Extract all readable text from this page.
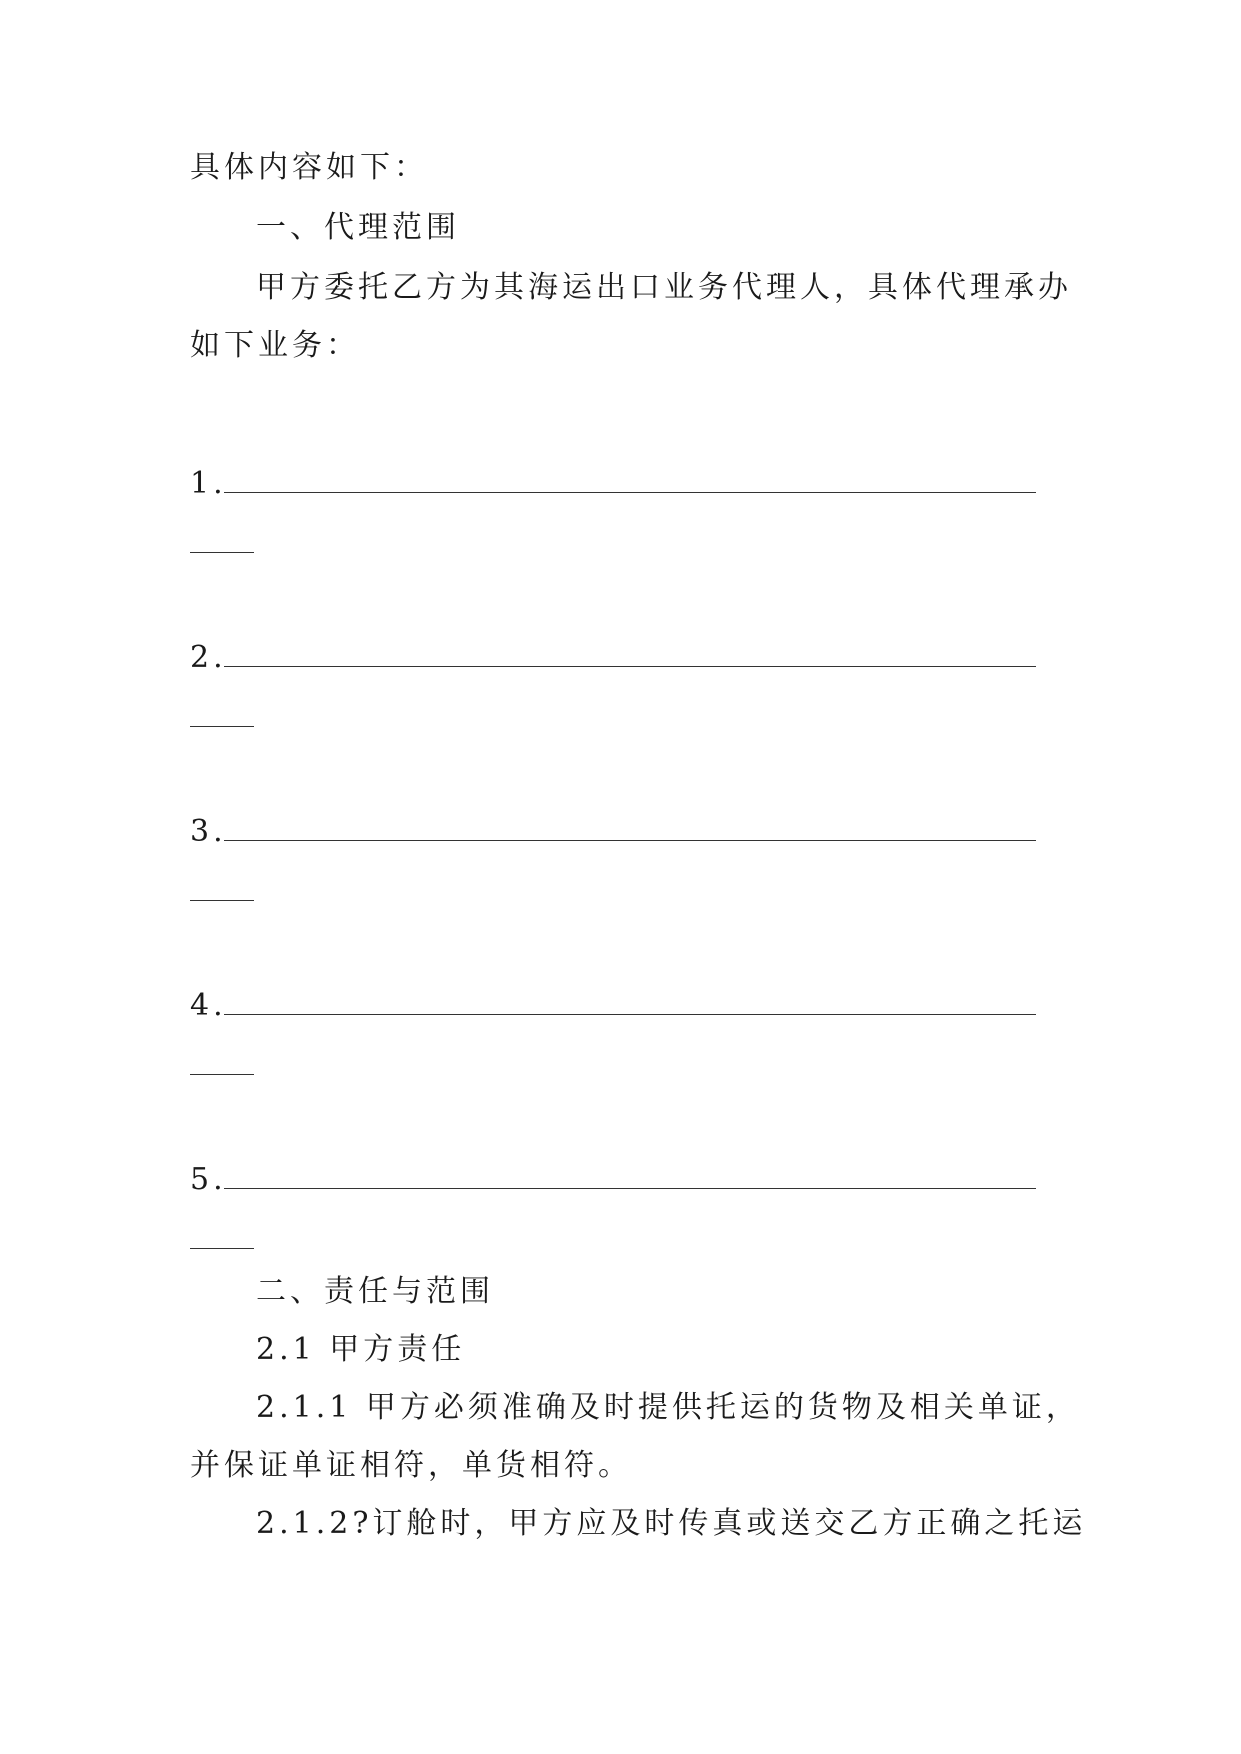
具体内容如下：
一、代理范围
甲方委托乙方为其海运出口业务代理人，具体代理承办
如下业务：
1.
2.
3.
4.
5.
二、责任与范围
2.1 甲方责任
2.1.1 甲方必须准确及时提供托运的货物及相关单证，
并保证单证相符，单货相符。
2.1.2?订舱时，甲方应及时传真或送交乙方正确之托运
